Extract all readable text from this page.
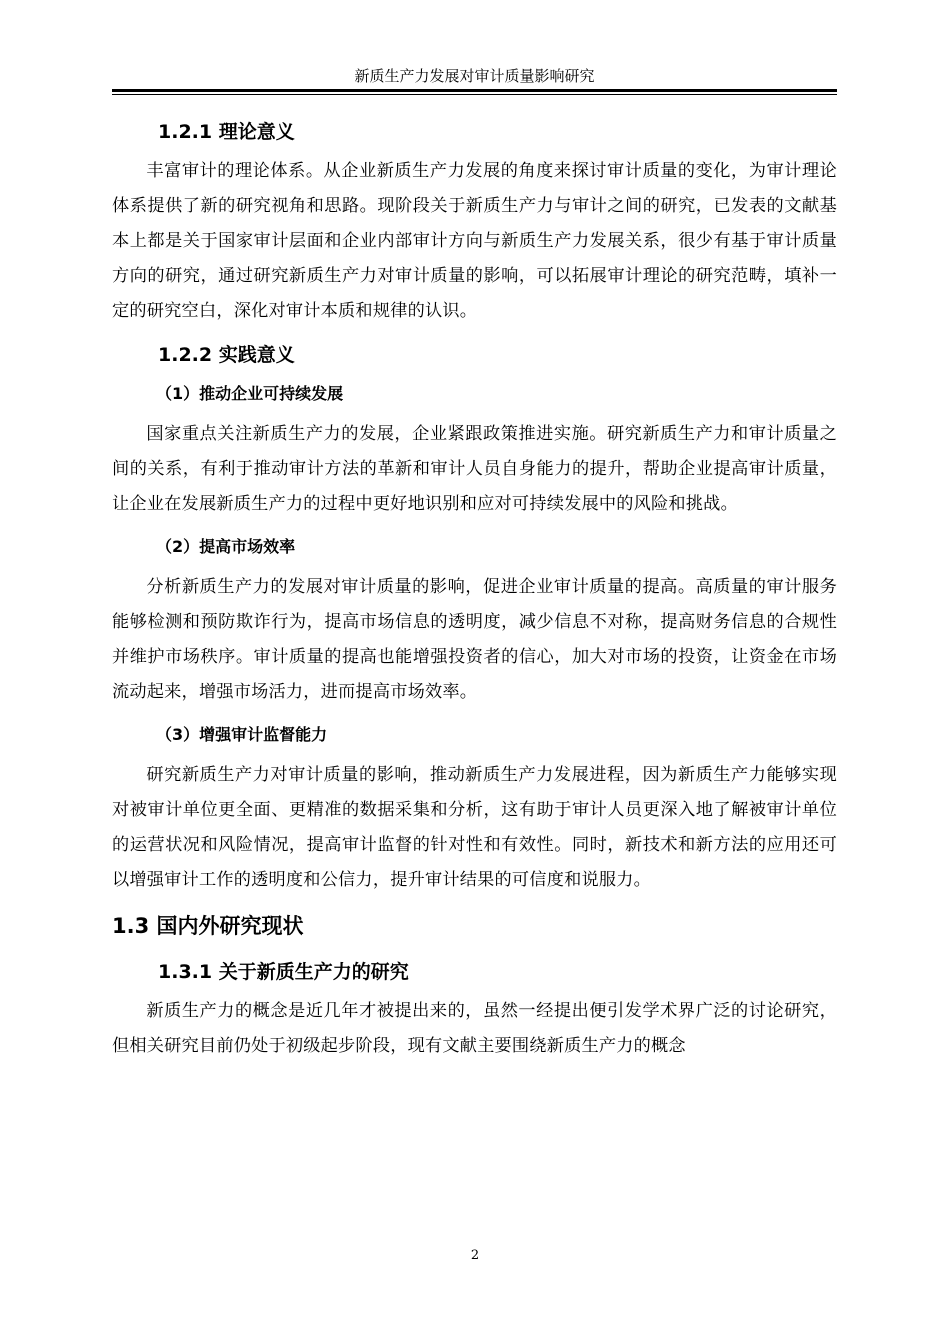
新质生产力发展对审计质量影响研究
1.2.1 理论意义

丰富审计的理论体系。从企业新质生产力发展的角度来探讨审计质量的变化，为审计理论体系提供了新的研究视角和思路。现阶段关于新质生产力与审计之间的研究，已发表的文献基本上都是关于国家审计层面和企业内部审计方向与新质生产力发展关系，很少有基于审计质量方向的研究，通过研究新质生产力对审计质量的影响，可以拓展审计理论的研究范畴，填补一定的研究空白，深化对审计本质和规律的认识。

1.2.2 实践意义
（1）推动企业可持续发展

国家重点关注新质生产力的发展，企业紧跟政策推进实施。研究新质生产力和审计质量之间的关系，有利于推动审计方法的革新和审计人员自身能力的提升，帮助企业提高审计质量，让企业在发展新质生产力的过程中更好地识别和应对可持续发展中的风险和挑战。

（2）提高市场效率

分析新质生产力的发展对审计质量的影响，促进企业审计质量的提高。高质量的审计服务能够检测和预防欺诈行为，提高市场信息的透明度，减少信息不对称，提高财务信息的合规性并维护市场秩序。审计质量的提高也能增强投资者的信心，加大对市场的投资，让资金在市场流动起来，增强市场活力，进而提高市场效率。

（3）增强审计监督能力

研究新质生产力对审计质量的影响，推动新质生产力发展进程，因为新质生产力能够实现对被审计单位更全面、更精准的数据采集和分析，这有助于审计人员更深入地了解被审计单位的运营状况和风险情况，提高审计监督的针对性和有效性。同时，新技术和新方法的应用还可以增强审计工作的透明度和公信力，提升审计结果的可信度和说服力。

1.3 国内外研究现状
1.3.1 关于新质生产力的研究

新质生产力的概念是近几年才被提出来的，虽然一经提出便引发学术界广泛的讨论研究，但相关研究目前仍处于初级起步阶段，现有文献主要围绕新质生产力的概念

2
